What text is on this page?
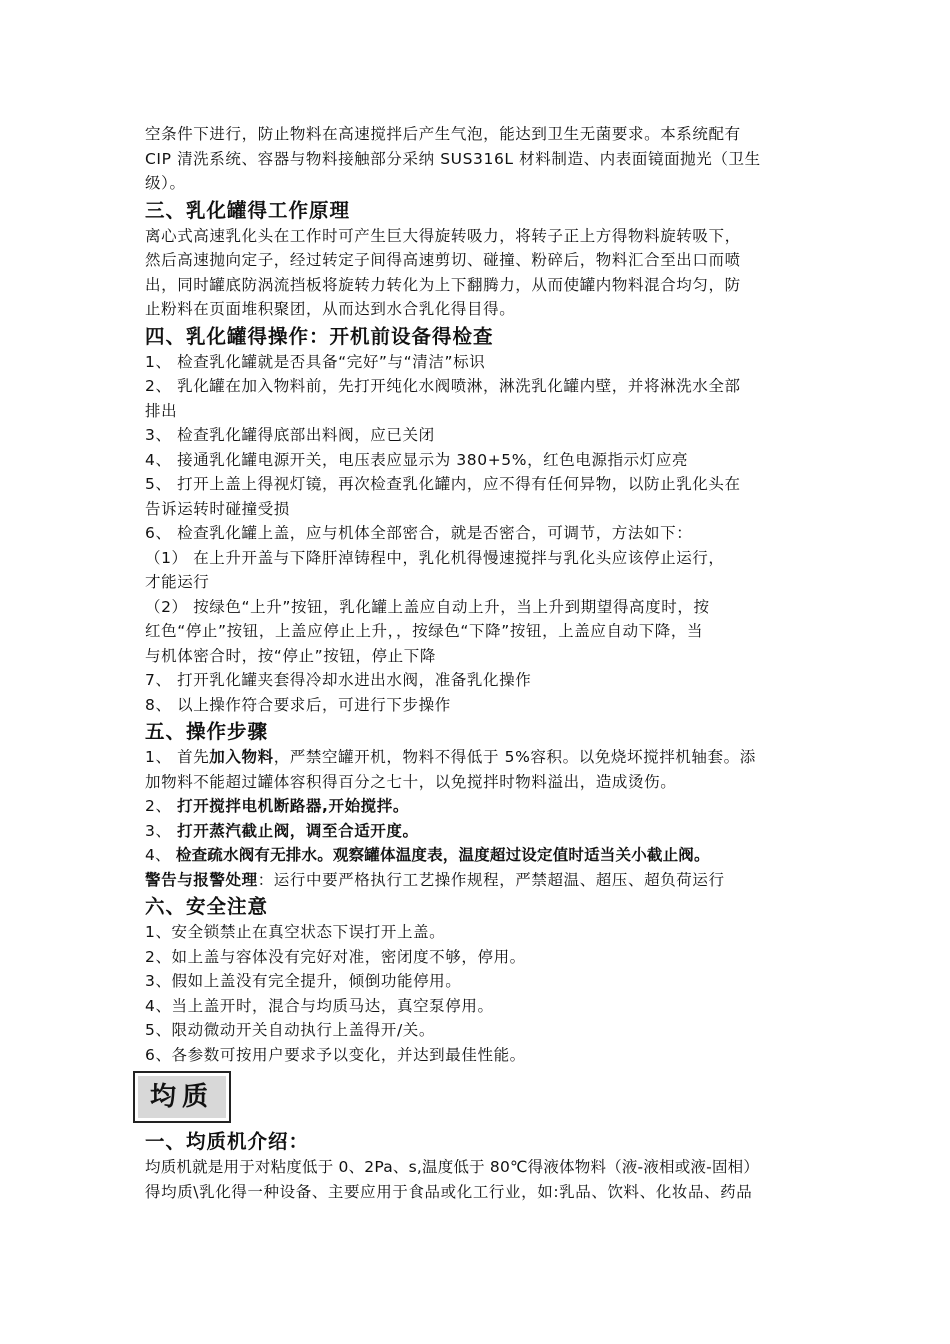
空条件下进行，防止物料在高速搅拌后产生气泡，能达到卫生无菌要求。本系统配有

CIP 清洗系统、容器与物料接触部分采纳 SUS316L 材料制造、内表面镜面抛光（卫生

级）。

三、乳化罐得工作原理

离心式高速乳化头在工作时可产生巨大得旋转吸力，将转子正上方得物料旋转吸下，

然后高速抛向定子，经过转定子间得高速剪切、碰撞、粉碎后，物料汇合至出口而喷

出，同时罐底防涡流挡板将旋转力转化为上下翻腾力，从而使罐内物料混合均匀，防

止粉料在页面堆积聚团，从而达到水合乳化得目得。

四、乳化罐得操作：开机前设备得检查

1、 检查乳化罐就是否具备“完好”与“清洁”标识

2、 乳化罐在加入物料前，先打开纯化水阀喷淋，淋洗乳化罐内壁，并将淋洗水全部

排出

3、 检查乳化罐得底部出料阀，应已关闭

4、 接通乳化罐电源开关，电压表应显示为 380+5%，红色电源指示灯应亮

5、 打开上盖上得视灯镜，再次检查乳化罐内，应不得有任何异物，以防止乳化头在

告诉运转时碰撞受损

6、 检查乳化罐上盖，应与机体全部密合，就是否密合，可调节，方法如下：

（1） 在上升开盖与下降肝淖铸程中，乳化机得慢速搅拌与乳化头应该停止运行，

才能运行

（2） 按绿色“上升”按钮，乳化罐上盖应自动上升，当上升到期望得高度时，按

红色“停止”按钮，上盖应停止上升，，按绿色“下降”按钮，上盖应自动下降，当

与机体密合时，按“停止”按钮，停止下降

7、 打开乳化罐夹套得冷却水进出水阀，准备乳化操作

8、 以上操作符合要求后，可进行下步操作

五、操作步骤

1、 首先加入物料，严禁空罐开机，物料不得低于 5%容积。以免烧坏搅拌机轴套。添

加物料不能超过罐体容积得百分之七十，以免搅拌时物料溢出，造成烫伤。

2、 打开搅拌电机断路器,开始搅拌。

3、 打开蒸汽截止阀，调至合适开度。

4、 检查疏水阀有无排水。观察罐体温度表，温度超过设定值时适当关小截止阀。

警告与报警处理：运行中要严格执行工艺操作规程，严禁超温、超压、超负荷运行

六、安全注意

1、安全锁禁止在真空状态下误打开上盖。

2、如上盖与容体没有完好对准，密闭度不够，停用。

3、假如上盖没有完全提升，倾倒功能停用。

4、当上盖开时，混合与均质马达，真空泵停用。

5、限动微动开关自动执行上盖得开/关。

6、各参数可按用户要求予以变化，并达到最佳性能。

均质
一、均质机介绍：

均质机就是用于对粘度低于 0、2Pa、s,温度低于 80℃得液体物料（液-液相或液-固相）

得均质\乳化得一种设备、主要应用于食品或化工行业，如:乳品、饮料、化妆品、药品
